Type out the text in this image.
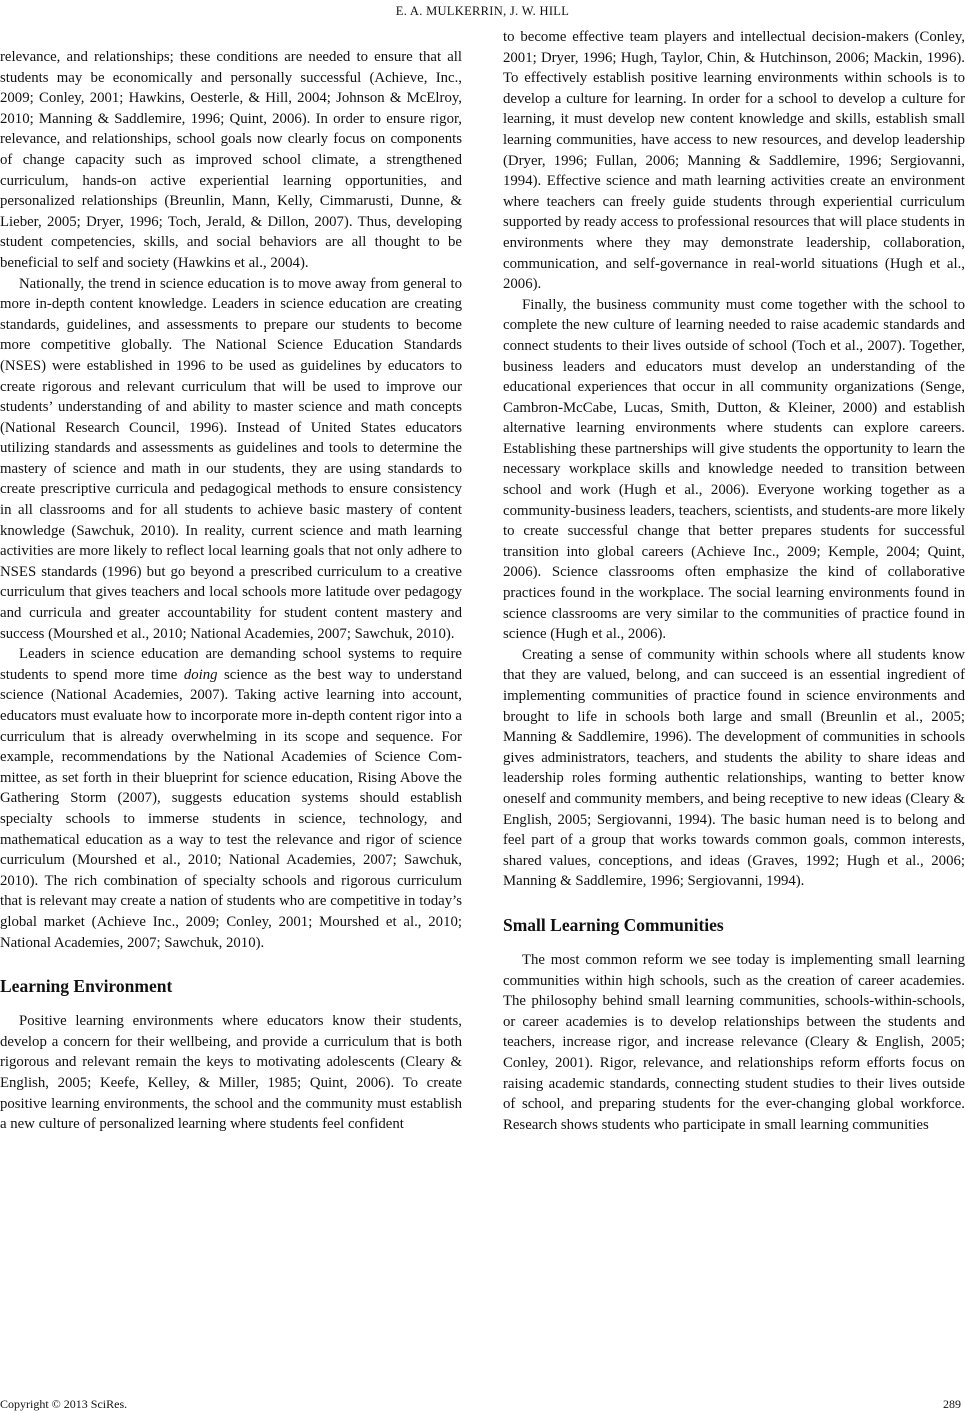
E. A. MULKERRIN, J. W. HILL

relevance, and relationships; these conditions are needed to ensure that all students may be economically and personally successful (Achieve, Inc., 2009; Conley, 2001; Hawkins, Oesterle, & Hill, 2004; Johnson & McElroy, 2010; Manning & Saddlemire, 1996; Quint, 2006). In order to ensure rigor, relevance, and relationships, school goals now clearly focus on components of change capacity such as improved school climate, a strengthened curriculum, hands-on active experiential learning opportunities, and personalized relationships (Breunlin, Mann, Kelly, Cimmarusti, Dunne, & Lieber, 2005; Dryer, 1996; Toch, Jerald, & Dillon, 2007). Thus, developing student competencies, skills, and social behaviors are all thought to be beneficial to self and society (Hawkins et al., 2004).

Nationally, the trend in science education is to move away from general to more in-depth content knowledge. Leaders in science education are creating standards, guidelines, and assessments to prepare our students to become more competitive globally. The National Science Education Standards (NSES) were established in 1996 to be used as guidelines by educators to create rigorous and relevant curriculum that will be used to improve our students’ understanding of and ability to master science and math concepts (National Research Council, 1996). Instead of United States educators utilizing standards and assessments as guidelines and tools to determine the mastery of science and math in our students, they are using standards to create prescriptive curricula and pedagogical methods to ensure consistency in all classrooms and for all students to achieve basic mastery of content knowledge (Sawchuk, 2010). In reality, current science and math learning activities are more likely to reflect local learning goals that not only adhere to NSES standards (1996) but go beyond a prescribed curriculum to a creative curriculum that gives teachers and local schools more latitude over pedagogy and curricula and greater accountability for student content mastery and success (Mourshed et al., 2010; National Academies, 2007; Sawchuk, 2010).

Leaders in science education are demanding school systems to require students to spend more time doing science as the best way to understand science (National Academies, 2007). Taking active learning into account, educators must evaluate how to incorporate more in-depth content rigor into a curriculum that is already overwhelming in its scope and sequence. For example, recommendations by the National Academies of Science Committee, as set forth in their blueprint for science education, Rising Above the Gathering Storm (2007), suggests education systems should establish specialty schools to immerse students in science, technology, and mathematical education as a way to test the relevance and rigor of science curriculum (Mourshed et al., 2010; National Academies, 2007; Sawchuk, 2010). The rich combination of specialty schools and rigorous curriculum that is relevant may create a nation of students who are competitive in today’s global market (Achieve Inc., 2009; Conley, 2001; Mourshed et al., 2010; National Academies, 2007; Sawchuk, 2010).

Learning Environment

Positive learning environments where educators know their students, develop a concern for their wellbeing, and provide a curriculum that is both rigorous and relevant remain the keys to motivating adolescents (Cleary & English, 2005; Keefe, Kelley, & Miller, 1985; Quint, 2006). To create positive learning environments, the school and the community must establish a new culture of personalized learning where students feel confident

to become effective team players and intellectual decision-makers (Conley, 2001; Dryer, 1996; Hugh, Taylor, Chin, & Hutchinson, 2006; Mackin, 1996). To effectively establish positive learning environments within schools is to develop a culture for learning. In order for a school to develop a culture for learning, it must develop new content knowledge and skills, establish small learning communities, have access to new resources, and develop leadership (Dryer, 1996; Fullan, 2006; Manning & Saddlemire, 1996; Sergiovanni, 1994). Effective science and math learning activities create an environment where teachers can freely guide students through experiential curriculum supported by ready access to professional resources that will place students in environments where they may demonstrate leadership, collaboration, communication, and self-governance in real-world situations (Hugh et al., 2006).

Finally, the business community must come together with the school to complete the new culture of learning needed to raise academic standards and connect students to their lives outside of school (Toch et al., 2007). Together, business leaders and educators must develop an understanding of the educational experiences that occur in all community organizations (Senge, Cambron-McCabe, Lucas, Smith, Dutton, & Kleiner, 2000) and establish alternative learning environments where students can explore careers. Establishing these partnerships will give students the opportunity to learn the necessary workplace skills and knowledge needed to transition between school and work (Hugh et al., 2006). Everyone working together as a community-business leaders, teachers, scientists, and students-are more likely to create successful change that better prepares students for successful transition into global careers (Achieve Inc., 2009; Kemple, 2004; Quint, 2006). Science classrooms often emphasize the kind of collaborative practices found in the workplace. The social learning environments found in science classrooms are very similar to the communities of practice found in science (Hugh et al., 2006).

Creating a sense of community within schools where all students know that they are valued, belong, and can succeed is an essential ingredient of implementing communities of practice found in science environments and brought to life in schools both large and small (Breunlin et al., 2005; Manning & Saddlemire, 1996). The development of communities in schools gives administrators, teachers, and students the ability to share ideas and leadership roles forming authentic relationships, wanting to better know oneself and community members, and being receptive to new ideas (Cleary & English, 2005; Sergiovanni, 1994). The basic human need is to belong and feel part of a group that works towards common goals, common interests, shared values, conceptions, and ideas (Graves, 1992; Hugh et al., 2006; Manning & Saddlemire, 1996; Sergiovanni, 1994).

Small Learning Communities

The most common reform we see today is implementing small learning communities within high schools, such as the creation of career academies. The philosophy behind small learning communities, schools-within-schools, or career academies is to develop relationships between the students and teachers, increase rigor, and increase relevance (Cleary & English, 2005; Conley, 2001). Rigor, relevance, and relationships reform efforts focus on raising academic standards, connecting student studies to their lives outside of school, and preparing students for the ever-changing global workforce. Research shows students who participate in small learning communities

Copyright © 2013 SciRes.	289
